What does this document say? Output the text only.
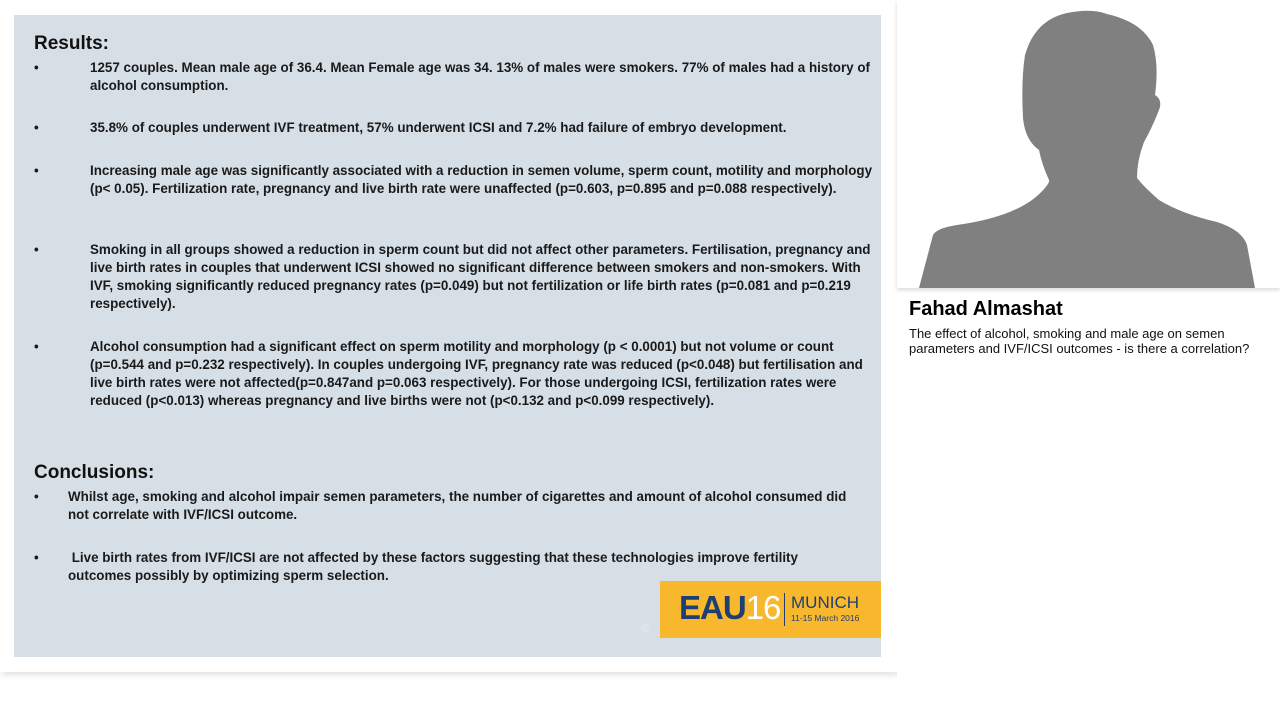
Results:
•	1257 couples. Mean male age of 36.4. Mean Female age was 34. 13% of males were smokers. 77% of males had a history of alcohol consumption.
•	35.8% of couples underwent IVF treatment, 57% underwent ICSI and 7.2% had failure of embryo development.
•	Increasing male age was significantly associated with a reduction in semen volume, sperm count, motility and morphology (p< 0.05). Fertilization rate, pregnancy and live birth rate were unaffected (p=0.603, p=0.895 and p=0.088 respectively).
•	Smoking in all groups showed a reduction in sperm count but did not affect other parameters. Fertilisation, pregnancy and live birth rates in couples that underwent ICSI showed no significant difference between smokers and non-smokers. With IVF, smoking significantly reduced pregnancy rates (p=0.049) but not fertilization or life birth rates (p=0.081 and p=0.219 respectively).
•	Alcohol consumption had a significant effect on sperm motility and morphology (p < 0.0001) but not volume or count (p=0.544 and p=0.232 respectively). In couples undergoing IVF, pregnancy rate was reduced (p<0.048) but fertilisation and live birth rates were not affected(p=0.847and p=0.063 respectively). For those undergoing ICSI, fertilization rates were reduced (p<0.013) whereas pregnancy and live births were not (p<0.132 and p<0.099 respectively).
Conclusions:
• Whilst age, smoking and alcohol impair semen parameters, the number of cigarettes and amount of alcohol consumed did not correlate with IVF/ICSI outcome.
• Live birth rates from IVF/ICSI are not affected by these factors suggesting that these technologies improve fertility outcomes possibly by optimizing sperm selection.
©
EAU16 MUNICH
11-15 March 2016
Fahad Almashat
The effect of alcohol, smoking and male age on semen parameters and IVF/ICSI outcomes - is there a correlation?
